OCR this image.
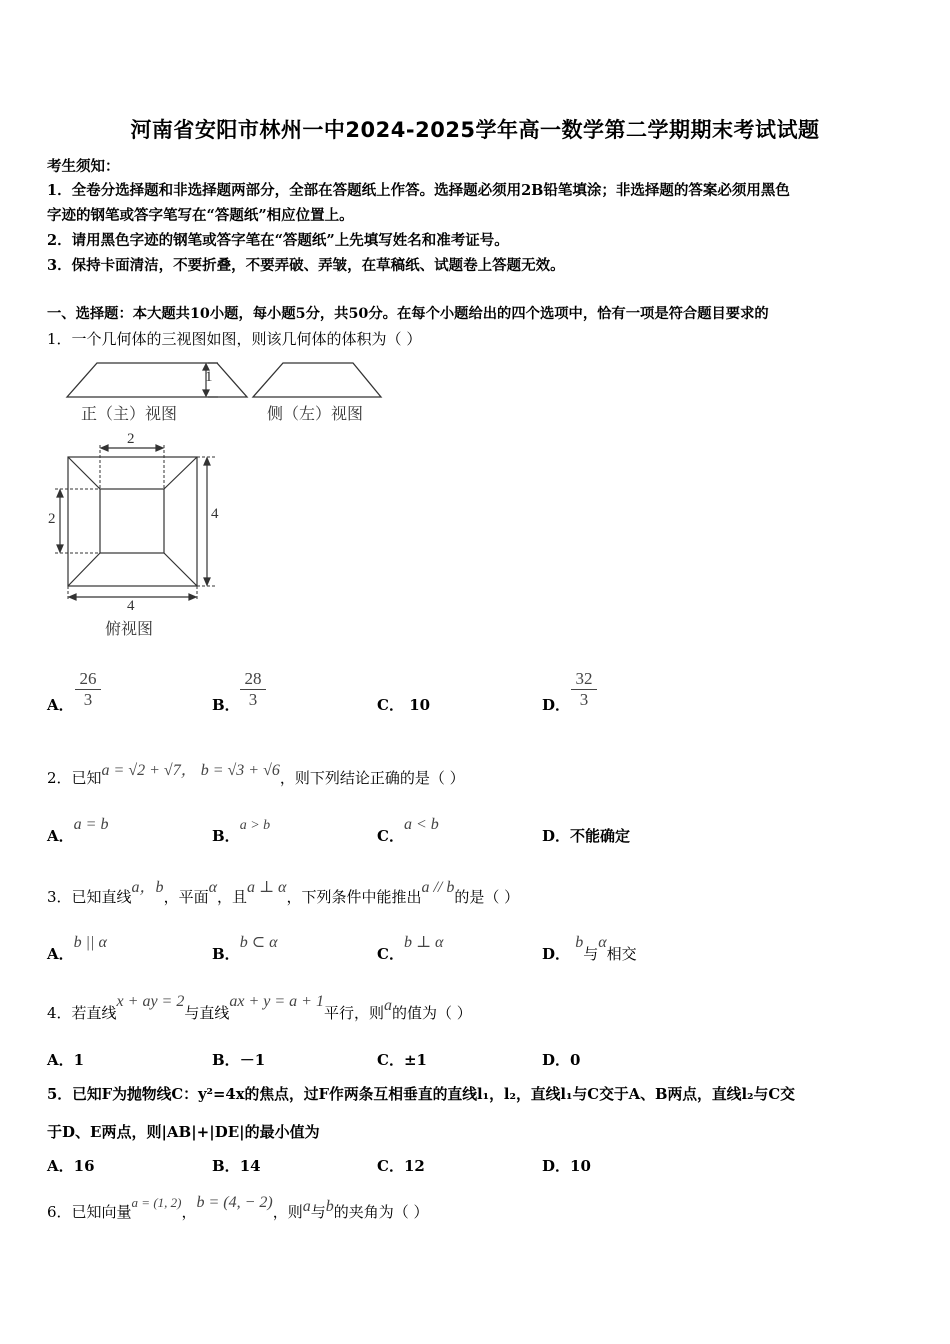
河南省安阳市林州一中2024-2025学年高一数学第二学期期末考试试题
考生须知：
1．全卷分选择题和非选择题两部分，全部在答题纸上作答。选择题必须用2B铅笔填涂；非选择题的答案必须用黑色
字迹的钢笔或答字笔写在“答题纸”相应位置上。
2．请用黑色字迹的钢笔或答字笔在“答题纸”上先填写姓名和准考证号。
3．保持卡面清洁，不要折叠，不要弄破、弄皱，在草稿纸、试题卷上答题无效。
一、选择题：本大题共10小题，每小题5分，共50分。在每个小题给出的四个选项中，恰有一项是符合题目要求的
1．一个几何体的三视图如图，则该几何体的体积为（ ）
1
正（主）视图	侧（左）视图
2
2	4
4
俯视图
A． $\frac{26}{3}$	B． $\frac{28}{3}$	C． 10	D． $\frac{32}{3}$
2．已知a = √2 + √7， b = √3 + √6，则下列结论正确的是（ ）
A．a = b
B．a > b
C．a < b
D．不能确定
3．已知直线a，b，平面α，且a ⊥ α，下列条件中能推出a // b的是（ ）
A．b || α
B．b ⊂ α
C．b ⊥ α
D． b与α相交
4．若直线x + ay = 2与直线ax + y = a + 1平行，则a的值为（ ）
A．1	B．－1	C．±1	D．0
5．已知F为抛物线C：y²=4x的焦点，过F作两条互相垂直的直线l₁，l₂，直线l₁与C交于A、B两点，直线l₂与C交
于D、E两点，则|AB|+|DE|的最小值为
A．16	B．14	C．12	D．10
6．已知向量a = (1, 2)，b = (4, − 2)，则a与b的夹角为（ ）
